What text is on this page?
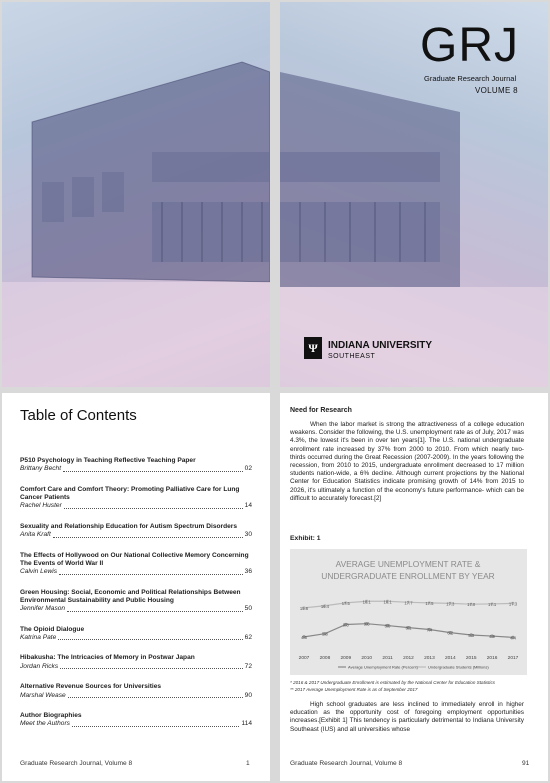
GRJ
Graduate Research Journal
VOLUME 8
Ψ	INDIANA UNIVERSITY
SOUTHEAST
Table of Contents
P510 Psychology in Teaching Reflective Teaching Paper
Brittany Becht	02
Comfort Care and Comfort Theory: Promoting Palliative Care for Lung Cancer Patients
Rachel Huster	14
Sexuality and Relationship Education for Autism Spectrum Disorders
Anita Kraft	30
The Effects of Hollywood on Our National Collective Memory Concerning The Events of World War II
Calvin Lewis	36
Green Housing: Social, Economic and Political Relationships Between Environmental Sustainability and Public Housing
Jennifer Mason	50
The Opioid Dialogue
Katrina Pate	62
Hibakusha: The Intricacies of Memory in Postwar Japan
Jordan Ricks	72
Alternative Revenue Sources for Universities
Marshal Wease	90
Author Biographies
Meet the Authors	114
Graduate Research Journal, Volume 8	1
Need for Research
When the labor market is strong the attractiveness of a college education weakens. Consider the following, the U.S. unemployment rate as of July, 2017 was 4.3%, the lowest it's been in over ten years[1]. The U.S. national undergraduate enrollment rate increased by 37% from 2000 to 2010. From which nearly two-thirds occurred during the Great Recession (2007-2009). In the years following the recession, from 2010 to 2015, undergraduate enrollment decreased to 17 million students nation-wide, a 6% decline. Although current projections by the National Center for Education Statistics indicate promising growth of 14% from 2015 to 2026, it's ultimately a function of the economy's future performance- which can be difficult to accurately forecast.[2]
Exhibit: 1
AVERAGE UNEMPLOYMENT RATE &
UNDERGRADUATE ENROLLMENT BY YEAR
4.6
5.8
9.3	9.6	8.9	8.1	7.4
6.2	5.3	4.9	4.4
15.6	16.4
17.5	18.1	18.1	17.7	17.5	17.3	17.0	17.1	17.3
2007 2008 2009 2010 2011 2012 2013 2014 2015 2016 2017
Average Unemployment Rate (Percent)	Undergraduate Students (Millions)
* 2016 & 2017 Undergraduate Enrollment is estimated by the National Center for Education Statistics
** 2017 Average Unemployment Rate is as of September 2017
High school graduates are less inclined to immediately enroll in higher education as the opportunity cost of foregoing employment opportunities increases.[Exhibit 1] This tendency is particularly detrimental to Indiana University Southeast (IUS) and all universities whose
Graduate Research Journal, Volume 8	91
